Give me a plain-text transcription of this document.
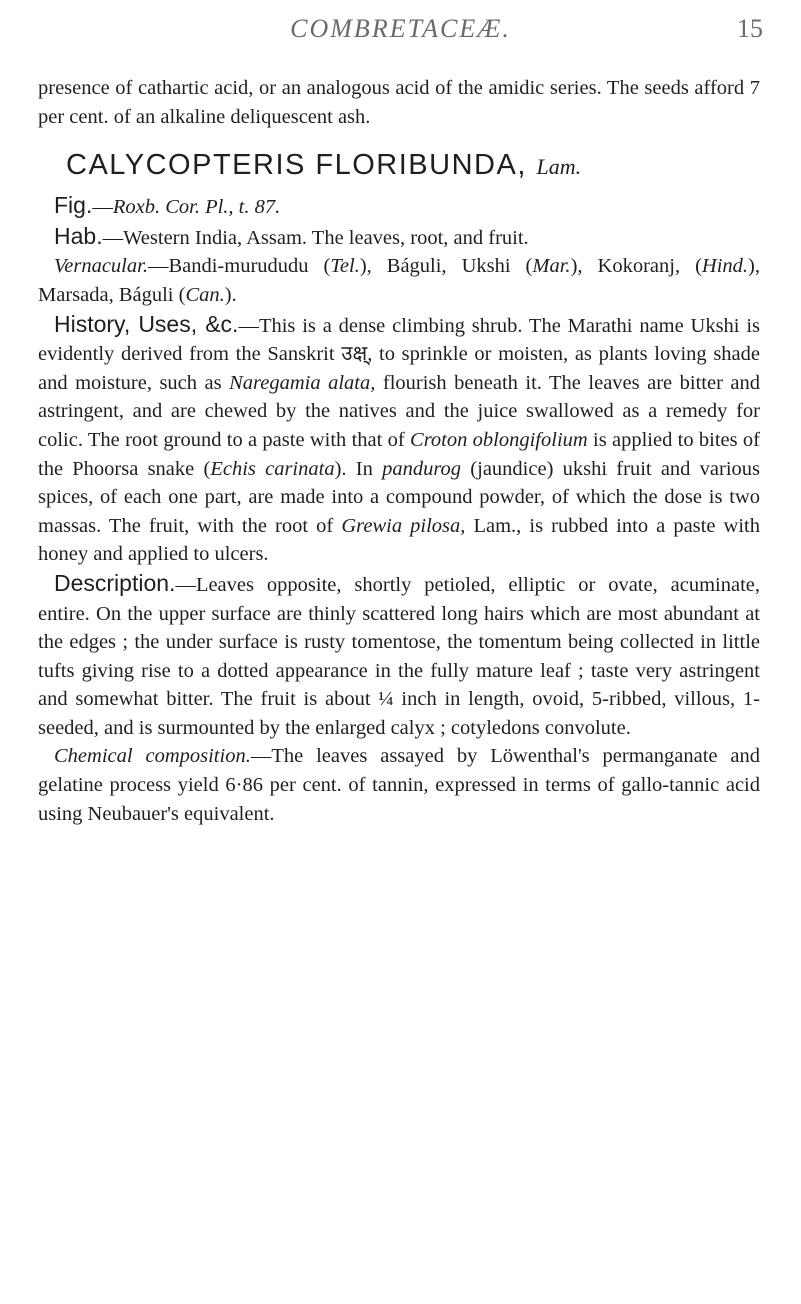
COMBRETACEÆ.	15

presence of cathartic acid, or an analogous acid of the amidic series. The seeds afford 7 per cent. of an alkaline deliquescent ash.

CALYCOPTERIS FLORIBUNDA, Lam.

Fig.—Roxb. Cor. Pl., t. 87.

Hab.—Western India, Assam. The leaves, root, and fruit.

Vernacular.—Bandi-murududu (Tel.), Báguli, Ukshi (Mar.), Kokoranj, (Hind.), Marsada, Báguli (Can.).

History, Uses, &c.—This is a dense climbing shrub. The Marathi name Ukshi is evidently derived from the Sanskrit उक्ष्, to sprinkle or moisten, as plants loving shade and moisture, such as Naregamia alata, flourish beneath it. The leaves are bitter and astringent, and are chewed by the natives and the juice swallowed as a remedy for colic. The root ground to a paste with that of Croton oblongifolium is applied to bites of the Phoorsa snake (Echis carinata). In pandurog (jaundice) ukshi fruit and various spices, of each one part, are made into a compound powder, of which the dose is two massas. The fruit, with the root of Grewia pilosa, Lam., is rubbed into a paste with honey and applied to ulcers.

Description.—Leaves opposite, shortly petioled, elliptic or ovate, acuminate, entire. On the upper surface are thinly scattered long hairs which are most abundant at the edges ; the under surface is rusty tomentose, the tomentum being collected in little tufts giving rise to a dotted appearance in the fully mature leaf ; taste very astringent and somewhat bitter. The fruit is about ¼ inch in length, ovoid, 5-ribbed, villous, 1-seeded, and is surmounted by the enlarged calyx ; cotyledons convolute.

Chemical composition.—The leaves assayed by Löwenthal's permanganate and gelatine process yield 6·86 per cent. of tannin, expressed in terms of gallo-tannic acid using Neubauer's equivalent.
